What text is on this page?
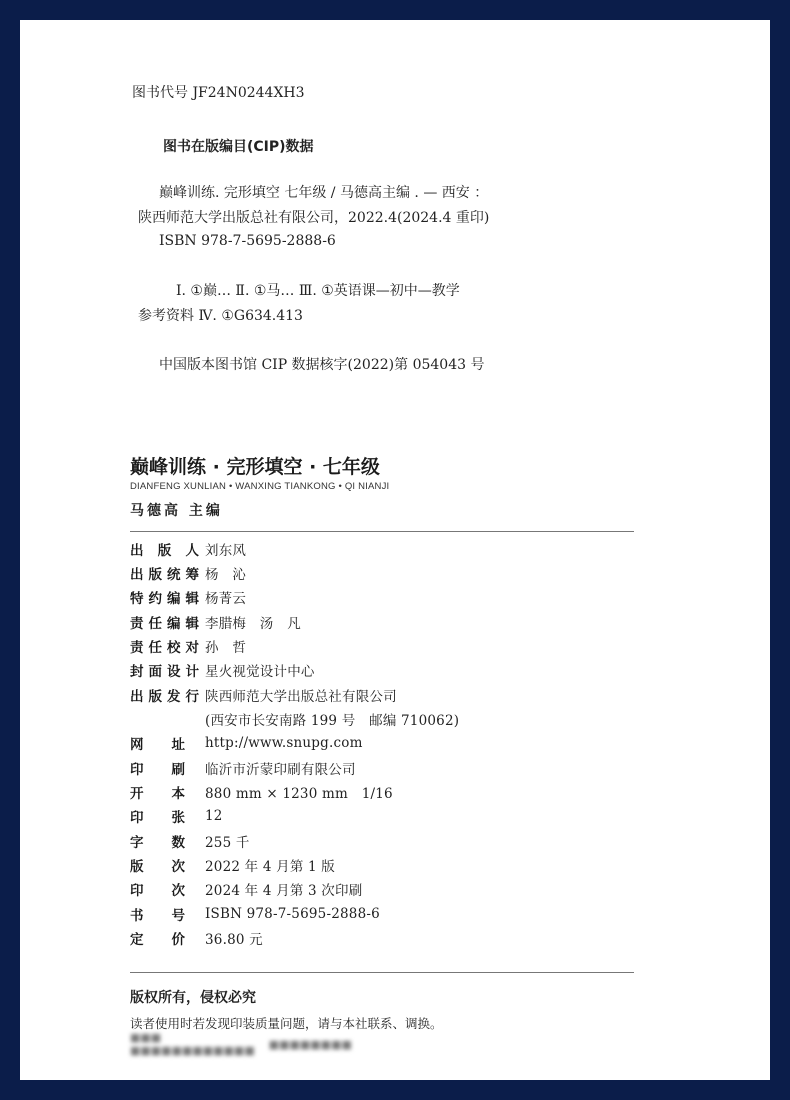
图书代号 JF24N0244XH3
图书在版编目(CIP)数据
巅峰训练. 完形填空 七年级 / 马德高主编 . — 西安 ：
陕西师范大学出版总社有限公司，2022.4(2024.4 重印)
ISBN 978-7-5695-2888-6
Ⅰ. ①巅… Ⅱ. ①马… Ⅲ. ①英语课—初中—教学
参考资料 Ⅳ. ①G634.413
中国版本图书馆 CIP 数据核字(2022)第 054043 号
巅峰训练 · 完形填空 · 七年级
DIANFENG XUNLIAN • WANXING TIANKONG • QI NIANJI
马德高 主编
出版人 刘东风
出版统筹 杨　沁
特约编辑 杨菁云
责任编辑 李腊梅　汤　凡
责任校对 孙　哲
封面设计 星火视觉设计中心
出版发行 陕西师范大学出版总社有限公司
(西安市长安南路 199 号　邮编 710062)
网址	http://www.snupg.com
印刷	临沂市沂蒙印刷有限公司
开本	880 mm × 1230 mm　1/16
印张	12
字数	255 千
版次	2022 年 4 月第 1 版
印次	2024 年 4 月第 3 次印刷
书号	ISBN 978-7-5695-2888-6
定价	36.80 元
版权所有，侵权必究
读者使用时若发现印装质量问题，请与本社联系、调换。
■■■ ■■■■■■■■■■■■ ■■■■■■■■
